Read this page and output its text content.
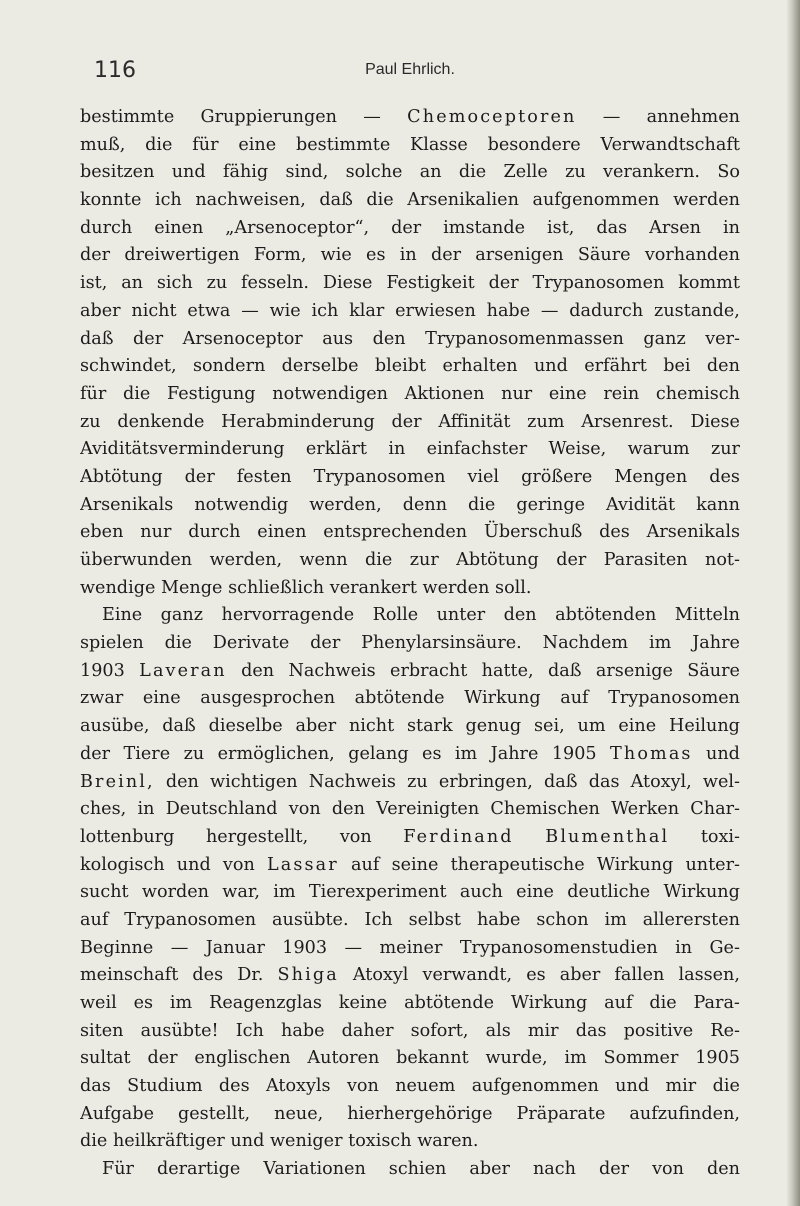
116	Paul Ehrlich.
bestimmte Gruppierungen — Chemoceptoren — annehmen
muß, die für eine bestimmte Klasse besondere Verwandtschaft
besitzen und fähig sind, solche an die Zelle zu verankern. So
konnte ich nachweisen, daß die Arsenikalien aufgenommen werden
durch einen „Arsenoceptor“, der imstande ist, das Arsen in
der dreiwertigen Form, wie es in der arsenigen Säure vorhanden
ist, an sich zu fesseln. Diese Festigkeit der Trypanosomen kommt
aber nicht etwa — wie ich klar erwiesen habe — dadurch zustande,
daß der Arsenoceptor aus den Trypanosomenmassen ganz ver-
schwindet, sondern derselbe bleibt erhalten und erfährt bei den
für die Festigung notwendigen Aktionen nur eine rein chemisch
zu denkende Herabminderung der Affinität zum Arsenrest. Diese
Aviditätsverminderung erklärt in einfachster Weise, warum zur
Abtötung der festen Trypanosomen viel größere Mengen des
Arsenikals notwendig werden, denn die geringe Avidität kann
eben nur durch einen entsprechenden Überschuß des Arsenikals
überwunden werden, wenn die zur Abtötung der Parasiten not-
wendige Menge schließlich verankert werden soll.
Eine ganz hervorragende Rolle unter den abtötenden Mitteln
spielen die Derivate der Phenylarsinsäure. Nachdem im Jahre
1903 Laveran den Nachweis erbracht hatte, daß arsenige Säure
zwar eine ausgesprochen abtötende Wirkung auf Trypanosomen
ausübe, daß dieselbe aber nicht stark genug sei, um eine Heilung
der Tiere zu ermöglichen, gelang es im Jahre 1905 Thomas und
Breinl, den wichtigen Nachweis zu erbringen, daß das Atoxyl, wel-
ches, in Deutschland von den Vereinigten Chemischen Werken Char-
lottenburg hergestellt, von Ferdinand Blumenthal toxi-
kologisch und von Lassar auf seine therapeutische Wirkung unter-
sucht worden war, im Tierexperiment auch eine deutliche Wirkung
auf Trypanosomen ausübte. Ich selbst habe schon im allerersten
Beginne — Januar 1903 — meiner Trypanosomenstudien in Ge-
meinschaft des Dr. Shiga Atoxyl verwandt, es aber fallen lassen,
weil es im Reagenzglas keine abtötende Wirkung auf die Para-
siten ausübte! Ich habe daher sofort, als mir das positive Re-
sultat der englischen Autoren bekannt wurde, im Sommer 1905
das Studium des Atoxyls von neuem aufgenommen und mir die
Aufgabe gestellt, neue, hierhergehörige Präparate aufzufinden,
die heilkräftiger und weniger toxisch waren.
Für derartige Variationen schien aber nach der von den
